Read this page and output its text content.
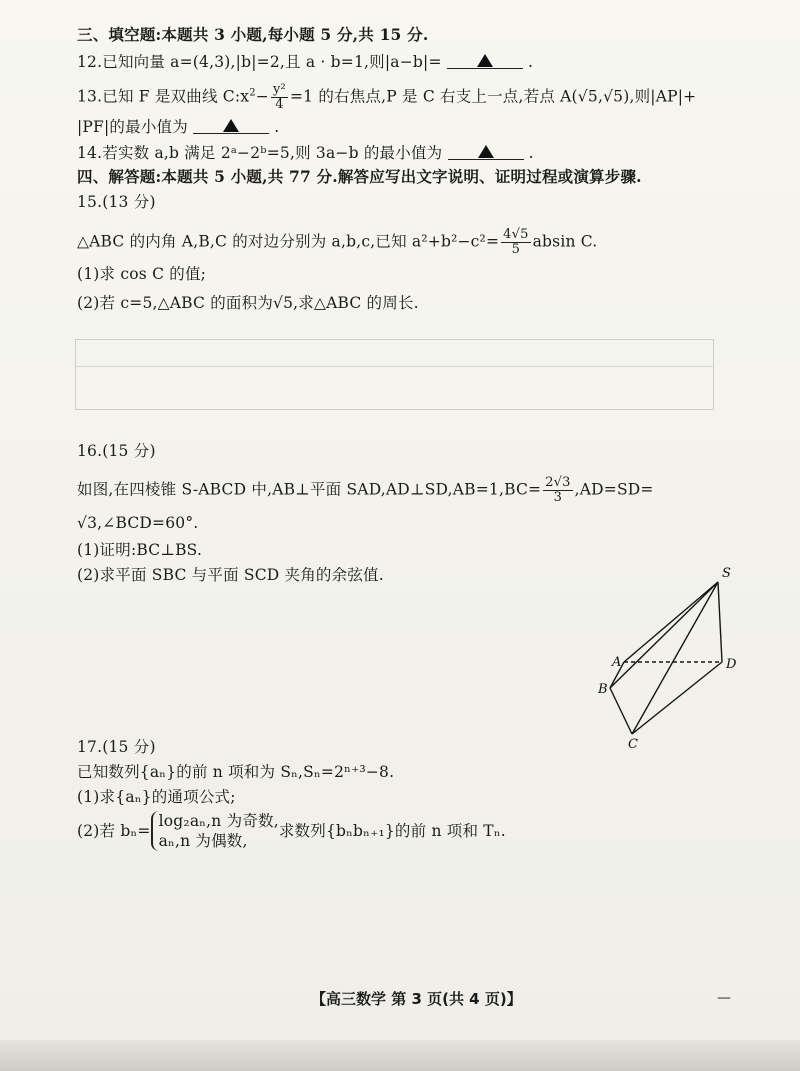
三、填空题:本题共 3 小题,每小题 5 分,共 15 分.
12.已知向量 a=(4,3),|b|=2,且 a · b=1,则|a−b|=	.
13.已知 F 是双曲线 $C:x^2- \frac{\text{y²}}{4} =1$ 的右焦点,P 是 C 右支上一点,若点 A(√5,√5),则|AP|+
|PF|的最小值为	.
14.若实数 a,b 满足 2ᵃ−2ᵇ=5,则 3a−b 的最小值为	.
四、解答题:本题共 5 小题,共 77 分.解答应写出文字说明、证明过程或演算步骤.
15.(13 分)
△ABC 的内角 A,B,C 的对边分别为 a,b,c,已知 $a^2+b^2-c^2= \frac{4√5}{5}$ absin C.
(1)求 cos C 的值;
(2)若 c=5,△ABC 的面积为√5,求△ABC 的周长.
16.(15 分)
如图,在四棱锥 S-ABCD 中,AB⊥平面 SAD,AD⊥SD,AB=1,BC= $\frac{2√3}{3} ,AD=SD=$
√3,∠BCD=60°.
(1)证明:BC⊥BS.
(2)求平面 SBC 与平面 SCD 夹角的余弦值.	S
A	D
B
C
17.(15 分)
已知数列{aₙ}的前 n 项和为 Sₙ,Sₙ=2ⁿ⁺³−8.
(1)求{aₙ}的通项公式;
(2)若 bₙ=
log₂aₙ,n 为奇数,
aₙ,n 为偶数,
求数列{bₙbₙ₊₁}的前 n 项和 Tₙ.
【高三数学 第 3 页(共 4 页)】	—
